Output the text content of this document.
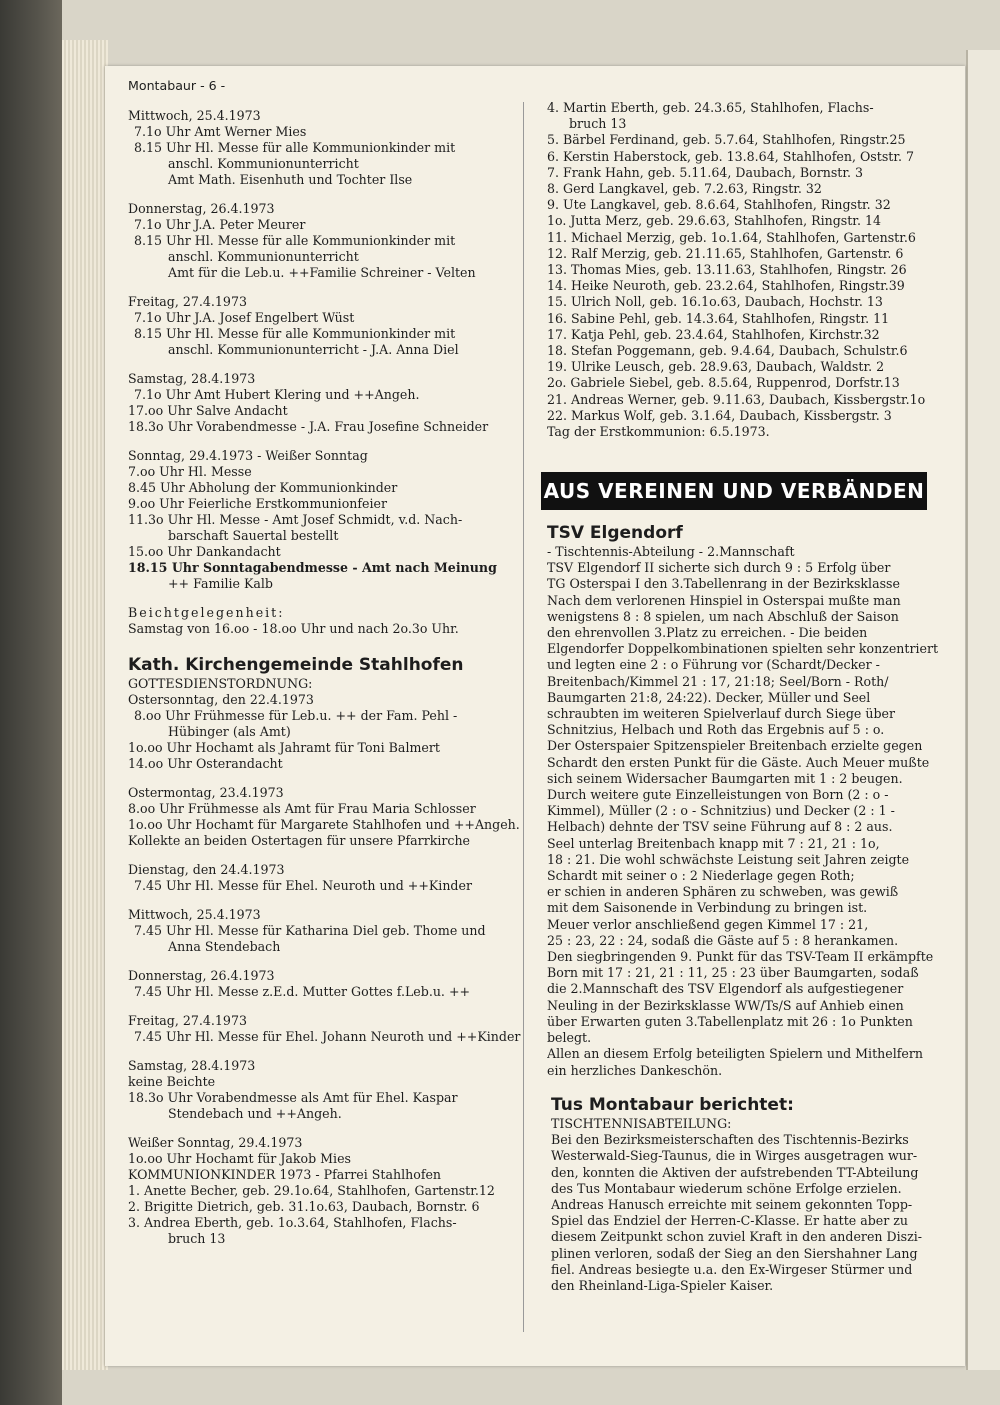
Montabaur - 6 -
Mittwoch, 25.4.1973
7.1o Uhr Amt Werner Mies
8.15 Uhr Hl. Messe für alle Kommunionkinder mit
anschl. Kommunionunterricht
Amt Math. Eisenhuth und Tochter Ilse
Donnerstag, 26.4.1973
7.1o Uhr J.A. Peter Meurer
8.15 Uhr Hl. Messe für alle Kommunionkinder mit
anschl. Kommunionunterricht
Amt für die Leb.u. ++Familie Schreiner - Velten
Freitag, 27.4.1973
7.1o Uhr J.A. Josef Engelbert Wüst
8.15 Uhr Hl. Messe für alle Kommunionkinder mit
anschl. Kommunionunterricht - J.A. Anna Diel
Samstag, 28.4.1973
7.1o Uhr Amt Hubert Klering und ++Angeh.
17.oo Uhr Salve Andacht
18.3o Uhr Vorabendmesse - J.A. Frau Josefine Schneider
Sonntag, 29.4.1973 - Weißer Sonntag
7.oo Uhr Hl. Messe
8.45 Uhr Abholung der Kommunionkinder
9.oo Uhr Feierliche Erstkommunionfeier
11.3o Uhr Hl. Messe - Amt Josef Schmidt, v.d. Nach-
barschaft Sauertal bestellt
15.oo Uhr Dankandacht
18.15 Uhr Sonntagabendmesse - Amt nach Meinung
++ Familie Kalb
Beichtgelegenheit:
Samstag von 16.oo - 18.oo Uhr und nach 2o.3o Uhr.
Kath. Kirchengemeinde Stahlhofen
GOTTESDIENSTORDNUNG:
Ostersonntag, den 22.4.1973
8.oo Uhr Frühmesse für Leb.u. ++ der Fam. Pehl -
Hübinger (als Amt)
1o.oo Uhr Hochamt als Jahramt für Toni Balmert
14.oo Uhr Osterandacht
Ostermontag, 23.4.1973
8.oo Uhr Frühmesse als Amt für Frau Maria Schlosser
1o.oo Uhr Hochamt für Margarete Stahlhofen und ++Angeh.
Kollekte an beiden Ostertagen für unsere Pfarrkirche
Dienstag, den 24.4.1973
7.45 Uhr Hl. Messe für Ehel. Neuroth und ++Kinder
Mittwoch, 25.4.1973
7.45 Uhr Hl. Messe für Katharina Diel geb. Thome und
Anna Stendebach
Donnerstag, 26.4.1973
7.45 Uhr Hl. Messe z.E.d. Mutter Gottes f.Leb.u. ++
Freitag, 27.4.1973
7.45 Uhr Hl. Messe für Ehel. Johann Neuroth und ++Kinder
Samstag, 28.4.1973
keine Beichte
18.3o Uhr Vorabendmesse als Amt für Ehel. Kaspar
Stendebach und ++Angeh.
Weißer Sonntag, 29.4.1973
1o.oo Uhr Hochamt für Jakob Mies
KOMMUNIONKINDER 1973 - Pfarrei Stahlhofen
1. Anette Becher, geb. 29.1o.64, Stahlhofen, Gartenstr.12
2. Brigitte Dietrich, geb. 31.1o.63, Daubach, Bornstr. 6
3. Andrea Eberth, geb. 1o.3.64, Stahlhofen, Flachs-
bruch 13
4. Martin Eberth, geb. 24.3.65, Stahlhofen, Flachs-
bruch 13
5. Bärbel Ferdinand, geb. 5.7.64, Stahlhofen, Ringstr.25
6. Kerstin Haberstock, geb. 13.8.64, Stahlhofen, Oststr. 7
7. Frank Hahn, geb. 5.11.64, Daubach, Bornstr. 3
8. Gerd Langkavel, geb. 7.2.63, Ringstr. 32
9. Ute Langkavel, geb. 8.6.64, Stahlhofen, Ringstr. 32
1o. Jutta Merz, geb. 29.6.63, Stahlhofen, Ringstr. 14
11. Michael Merzig, geb. 1o.1.64, Stahlhofen, Gartenstr.6
12. Ralf Merzig, geb. 21.11.65, Stahlhofen, Gartenstr. 6
13. Thomas Mies, geb. 13.11.63, Stahlhofen, Ringstr. 26
14. Heike Neuroth, geb. 23.2.64, Stahlhofen, Ringstr.39
15. Ulrich Noll, geb. 16.1o.63, Daubach, Hochstr. 13
16. Sabine Pehl, geb. 14.3.64, Stahlhofen, Ringstr. 11
17. Katja Pehl, geb. 23.4.64, Stahlhofen, Kirchstr.32
18. Stefan Poggemann, geb. 9.4.64, Daubach, Schulstr.6
19. Ulrike Leusch, geb. 28.9.63, Daubach, Waldstr. 2
2o. Gabriele Siebel, geb. 8.5.64, Ruppenrod, Dorfstr.13
21. Andreas Werner, geb. 9.11.63, Daubach, Kissbergstr.1o
22. Markus Wolf, geb. 3.1.64, Daubach, Kissbergstr. 3
Tag der Erstkommunion: 6.5.1973.
AUS VEREINEN UND VERBÄNDEN
TSV Elgendorf
- Tischtennis-Abteilung - 2.Mannschaft
TSV Elgendorf II sicherte sich durch 9 : 5 Erfolg über
TG Osterspai I den 3.Tabellenrang in der Bezirksklasse
Nach dem verlorenen Hinspiel in Osterspai mußte man
wenigstens 8 : 8 spielen, um nach Abschluß der Saison
den ehrenvollen 3.Platz zu erreichen. - Die beiden
Elgendorfer Doppelkombinationen spielten sehr konzentriert
und legten eine 2 : o Führung vor (Schardt/Decker -
Breitenbach/Kimmel 21 : 17, 21:18; Seel/Born - Roth/
Baumgarten 21:8, 24:22). Decker, Müller und Seel
schraubten im weiteren Spielverlauf durch Siege über
Schnitzius, Helbach und Roth das Ergebnis auf 5 : o.
Der Osterspaier Spitzenspieler Breitenbach erzielte gegen
Schardt den ersten Punkt für die Gäste. Auch Meuer mußte
sich seinem Widersacher Baumgarten mit 1 : 2 beugen.
Durch weitere gute Einzelleistungen von Born (2 : o -
Kimmel), Müller (2 : o - Schnitzius) und Decker (2 : 1 -
Helbach) dehnte der TSV seine Führung auf 8 : 2 aus.
Seel unterlag Breitenbach knapp mit 7 : 21, 21 : 1o,
18 : 21. Die wohl schwächste Leistung seit Jahren zeigte
Schardt mit seiner o : 2 Niederlage gegen Roth;
er schien in anderen Sphären zu schweben, was gewiß
mit dem Saisonende in Verbindung zu bringen ist.
Meuer verlor anschließend gegen Kimmel 17 : 21,
25 : 23, 22 : 24, sodaß die Gäste auf 5 : 8 herankamen.
Den siegbringenden 9. Punkt für das TSV-Team II erkämpfte
Born mit 17 : 21, 21 : 11, 25 : 23 über Baumgarten, sodaß
die 2.Mannschaft des TSV Elgendorf als aufgestiegener
Neuling in der Bezirksklasse WW/Ts/S auf Anhieb einen
über Erwarten guten 3.Tabellenplatz mit 26 : 1o Punkten
belegt.
Allen an diesem Erfolg beteiligten Spielern und Mithelfern
ein herzliches Dankeschön.
Tus Montabaur berichtet:
TISCHTENNISABTEILUNG:
Bei den Bezirksmeisterschaften des Tischtennis-Bezirks
Westerwald-Sieg-Taunus, die in Wirges ausgetragen wur-
den, konnten die Aktiven der aufstrebenden TT-Abteilung
des Tus Montabaur wiederum schöne Erfolge erzielen.
Andreas Hanusch erreichte mit seinem gekonnten Topp-
Spiel das Endziel der Herren-C-Klasse. Er hatte aber zu
diesem Zeitpunkt schon zuviel Kraft in den anderen Diszi-
plinen verloren, sodaß der Sieg an den Siershahner Lang
fiel. Andreas besiegte u.a. den Ex-Wirgeser Stürmer und
den Rheinland-Liga-Spieler Kaiser.
